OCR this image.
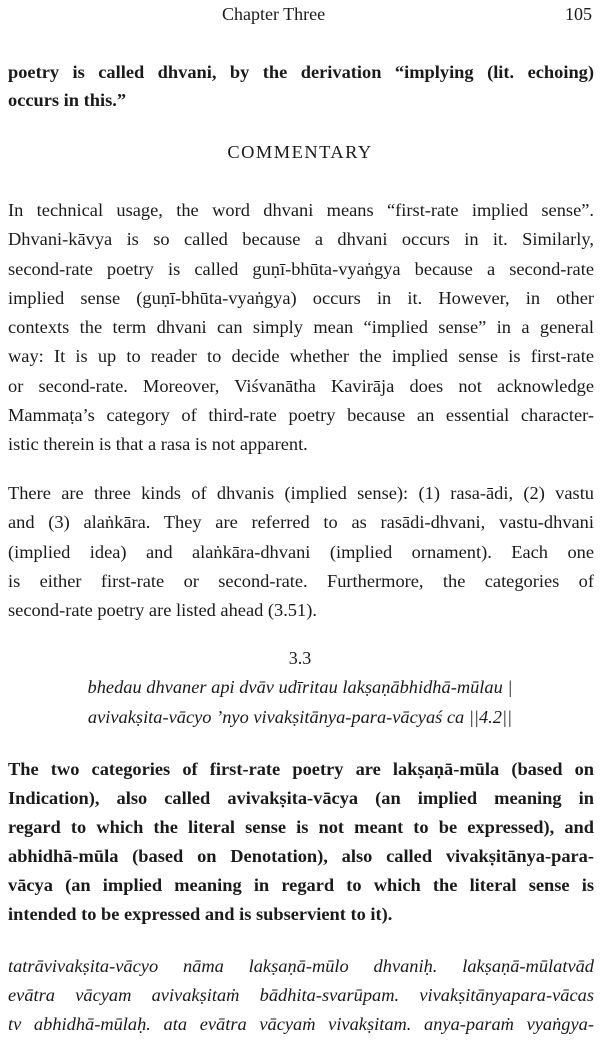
Chapter Three	105
poetry is called dhvani, by the derivation “implying (lit. echoing)
occurs in this.”
COMMENTARY
In technical usage, the word dhvani means “first-rate implied sense”.
Dhvani-kāvya is so called because a dhvani occurs in it. Similarly,
second-rate poetry is called guṇī-bhūta-vyaṅgya because a second-rate
implied sense (guṇī-bhūta-vyaṅgya) occurs in it. However, in other
contexts the term dhvani can simply mean “implied sense” in a general
way: It is up to reader to decide whether the implied sense is first-rate
or second-rate. Moreover, Viśvanātha Kavirāja does not acknowledge
Mammaṭa’s category of third-rate poetry because an essential character-
istic therein is that a rasa is not apparent.
There are three kinds of dhvanis (implied sense): (1) rasa-ādi, (2) vastu
and (3) alaṅkāra. They are referred to as rasādi-dhvani, vastu-dhvani
(implied idea) and alaṅkāra-dhvani (implied ornament). Each one
is either first-rate or second-rate. Furthermore, the categories of
second-rate poetry are listed ahead (3.51).
3.3
bhedau dhvaner api dvāv udīritau lakṣaṇābhidhā-mūlau |
avivakṣita-vācyo ’nyo vivakṣitānya-para-vācyaś ca ||4.2||
The two categories of first-rate poetry are lakṣaṇā-mūla (based on
Indication), also called avivakṣita-vācya (an implied meaning in
regard to which the literal sense is not meant to be expressed), and
abhidhā-mūla (based on Denotation), also called vivakṣitānya-para-
vācya (an implied meaning in regard to which the literal sense is
intended to be expressed and is subservient to it).
tatrāvivakṣita-vācyo nāma lakṣaṇā-mūlo dhvaniḥ. lakṣaṇā-mūlatvād
evātra vācyam avivakṣitaṁ bādhita-svarūpam. vivakṣitānyapara-vācas
tv abhidhā-mūlaḥ. ata evātra vācyaṁ vivakṣitam. anya-paraṁ vyaṅgya-
